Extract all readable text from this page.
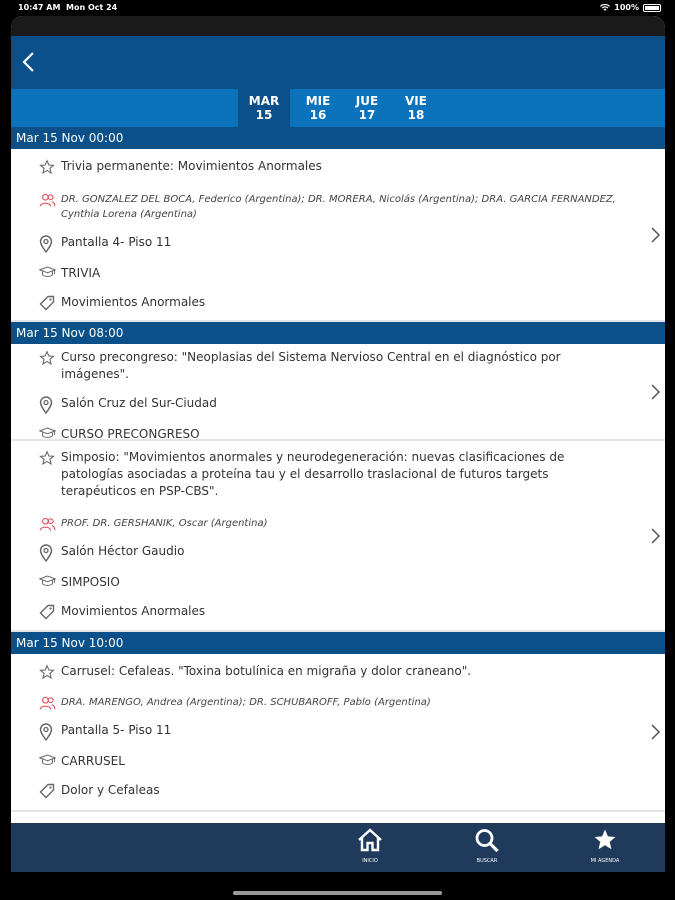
10:47 AM Mon Oct 24	100%
MAR
15
MIE
16
JUE
17
VIE
18
Mar 15 Nov 00:00
Trivia permanente: Movimientos Anormales
DR. GONZALEZ DEL BOCA, Federico (Argentina); DR. MORERA, Nicolás (Argentina); DRA. GARCIA FERNANDEZ, Cynthia Lorena (Argentina)
Pantalla 4- Piso 11
TRIVIA
Movimientos Anormales
Mar 15 Nov 08:00
Curso precongreso: "Neoplasias del Sistema Nervioso Central en el diagnóstico por imágenes".
Salón Cruz del Sur-Ciudad
CURSO PRECONGRESO
Simposio: "Movimientos anormales y neurodegeneración: nuevas clasificaciones de patologías asociadas a proteína tau y el desarrollo traslacional de futuros targets terapéuticos en PSP-CBS".
PROF. DR. GERSHANIK, Oscar (Argentina)
Salón Héctor Gaudio
SIMPOSIO
Movimientos Anormales
Mar 15 Nov 10:00
Carrusel: Cefaleas. "Toxina botulínica en migraña y dolor craneano".
DRA. MARENGO, Andrea (Argentina); DR. SCHUBAROFF, Pablo (Argentina)
Pantalla 5- Piso 11
CARRUSEL
Dolor y Cefaleas
INICIO	BUSCAR	MI AGENDA
